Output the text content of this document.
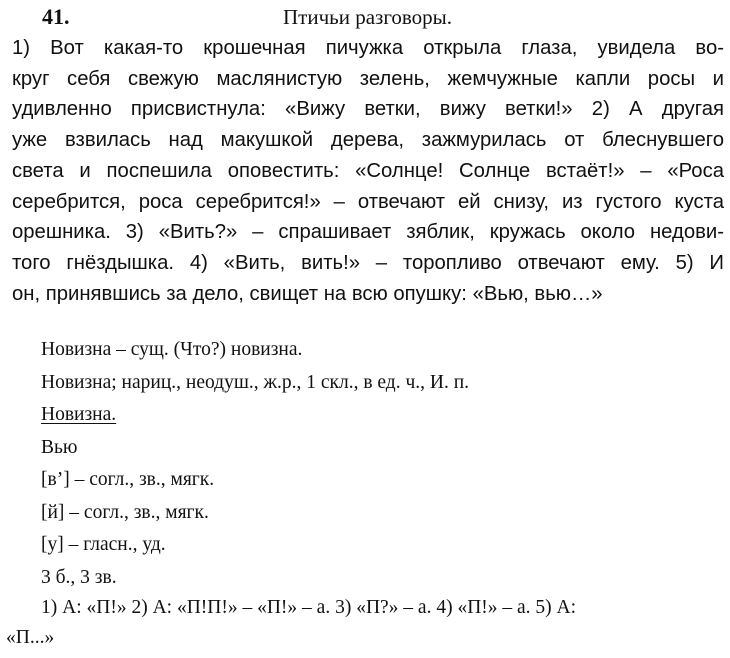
41.	Птичьи разговоры.
1) Вот какая-то крошечная пичужка открыла глаза, увидела во-
круг себя свежую маслянистую зелень, жемчужные капли росы и
удивленно присвистнула: «Вижу ветки, вижу ветки!» 2) А другая
уже взвилась над макушкой дерева, зажмурилась от блеснувшего
света и поспешила оповестить: «Солнце! Солнце встаёт!» – «Роса
серебрится, роса серебрится!» – отвечают ей снизу, из густого куста
орешника. 3) «Вить?» – спрашивает зяблик, кружась около недови-
того гнёздышка. 4) «Вить, вить!» – торопливо отвечают ему. 5) И
он, принявшись за дело, свищет на всю опушку: «Вью, вью…»
Новизна – сущ. (Что?) новизна.
Новизна; нариц., неодуш., ж.р., 1 скл., в ед. ч., И. п.
Новизна.
Вью
[в’] – согл., зв., мягк.
[й] – согл., зв., мягк.
[у] – гласн., уд.
3 б., 3 зв.
1) А: «П!» 2) А: «П!П!» – «П!» – а. 3) «П?» – а. 4) «П!» – а. 5) А:
«П...»
